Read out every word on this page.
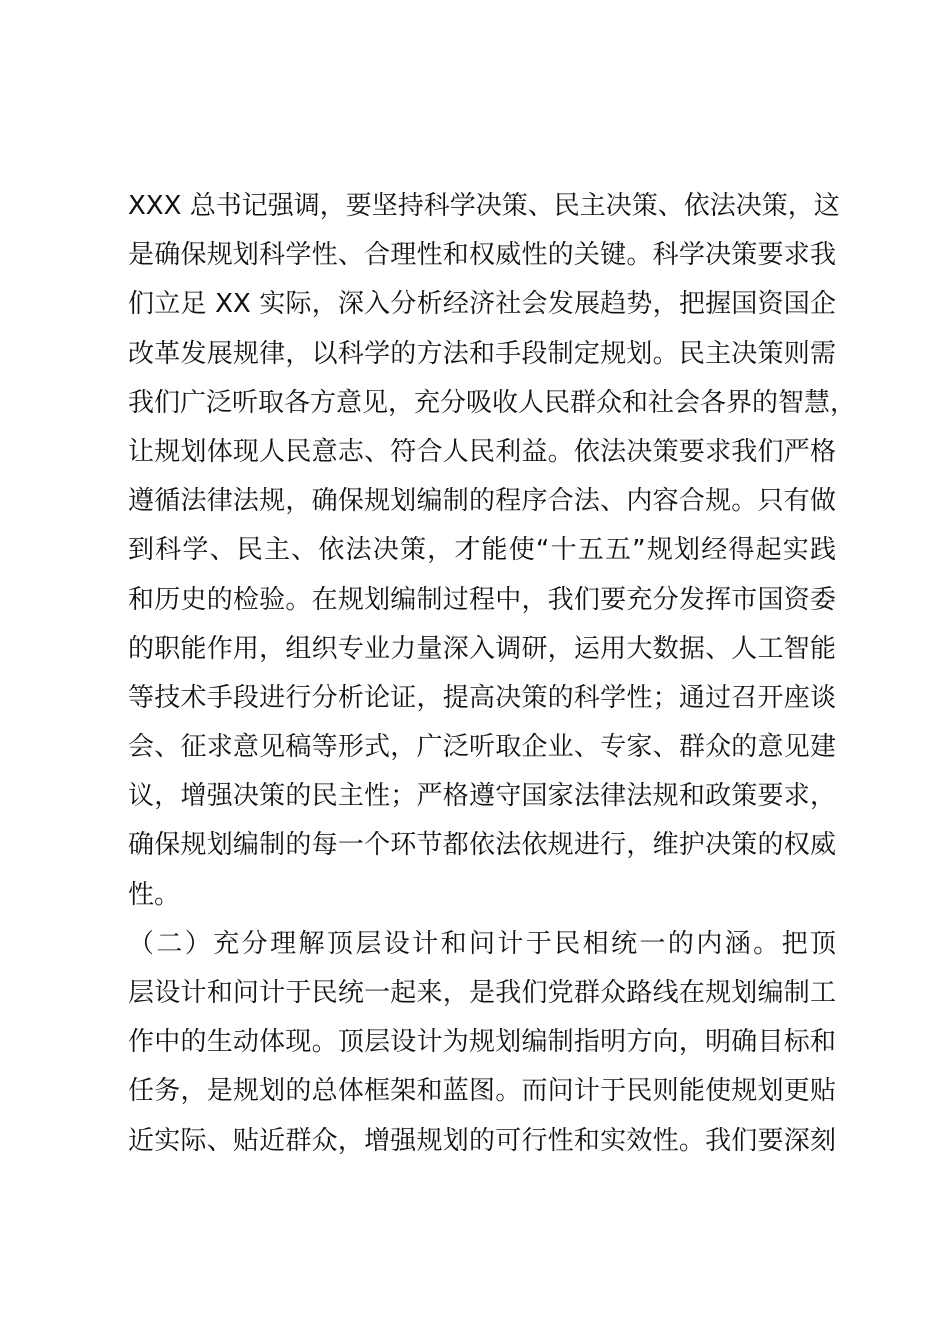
XXX 总书记强调，要坚持科学决策、民主决策、依法决策，这
是确保规划科学性、合理性和权威性的关键。科学决策要求我
们立足 XX 实际，深入分析经济社会发展趋势，把握国资国企
改革发展规律，以科学的方法和手段制定规划。民主决策则需
我们广泛听取各方意见，充分吸收人民群众和社会各界的智慧，
让规划体现人民意志、符合人民利益。依法决策要求我们严格
遵循法律法规，确保规划编制的程序合法、内容合规。只有做
到科学、民主、依法决策，才能使“十五五”规划经得起实践
和历史的检验。在规划编制过程中，我们要充分发挥市国资委
的职能作用，组织专业力量深入调研，运用大数据、人工智能
等技术手段进行分析论证，提高决策的科学性；通过召开座谈
会、征求意见稿等形式，广泛听取企业、专家、群众的意见建
议，增强决策的民主性；严格遵守国家法律法规和政策要求，
确保规划编制的每一个环节都依法依规进行，维护决策的权威
性。
（二）充分理解顶层设计和问计于民相统一的内涵。把顶
层设计和问计于民统一起来，是我们党群众路线在规划编制工
作中的生动体现。顶层设计为规划编制指明方向，明确目标和
任务，是规划的总体框架和蓝图。而问计于民则能使规划更贴
近实际、贴近群众，增强规划的可行性和实效性。我们要深刻
